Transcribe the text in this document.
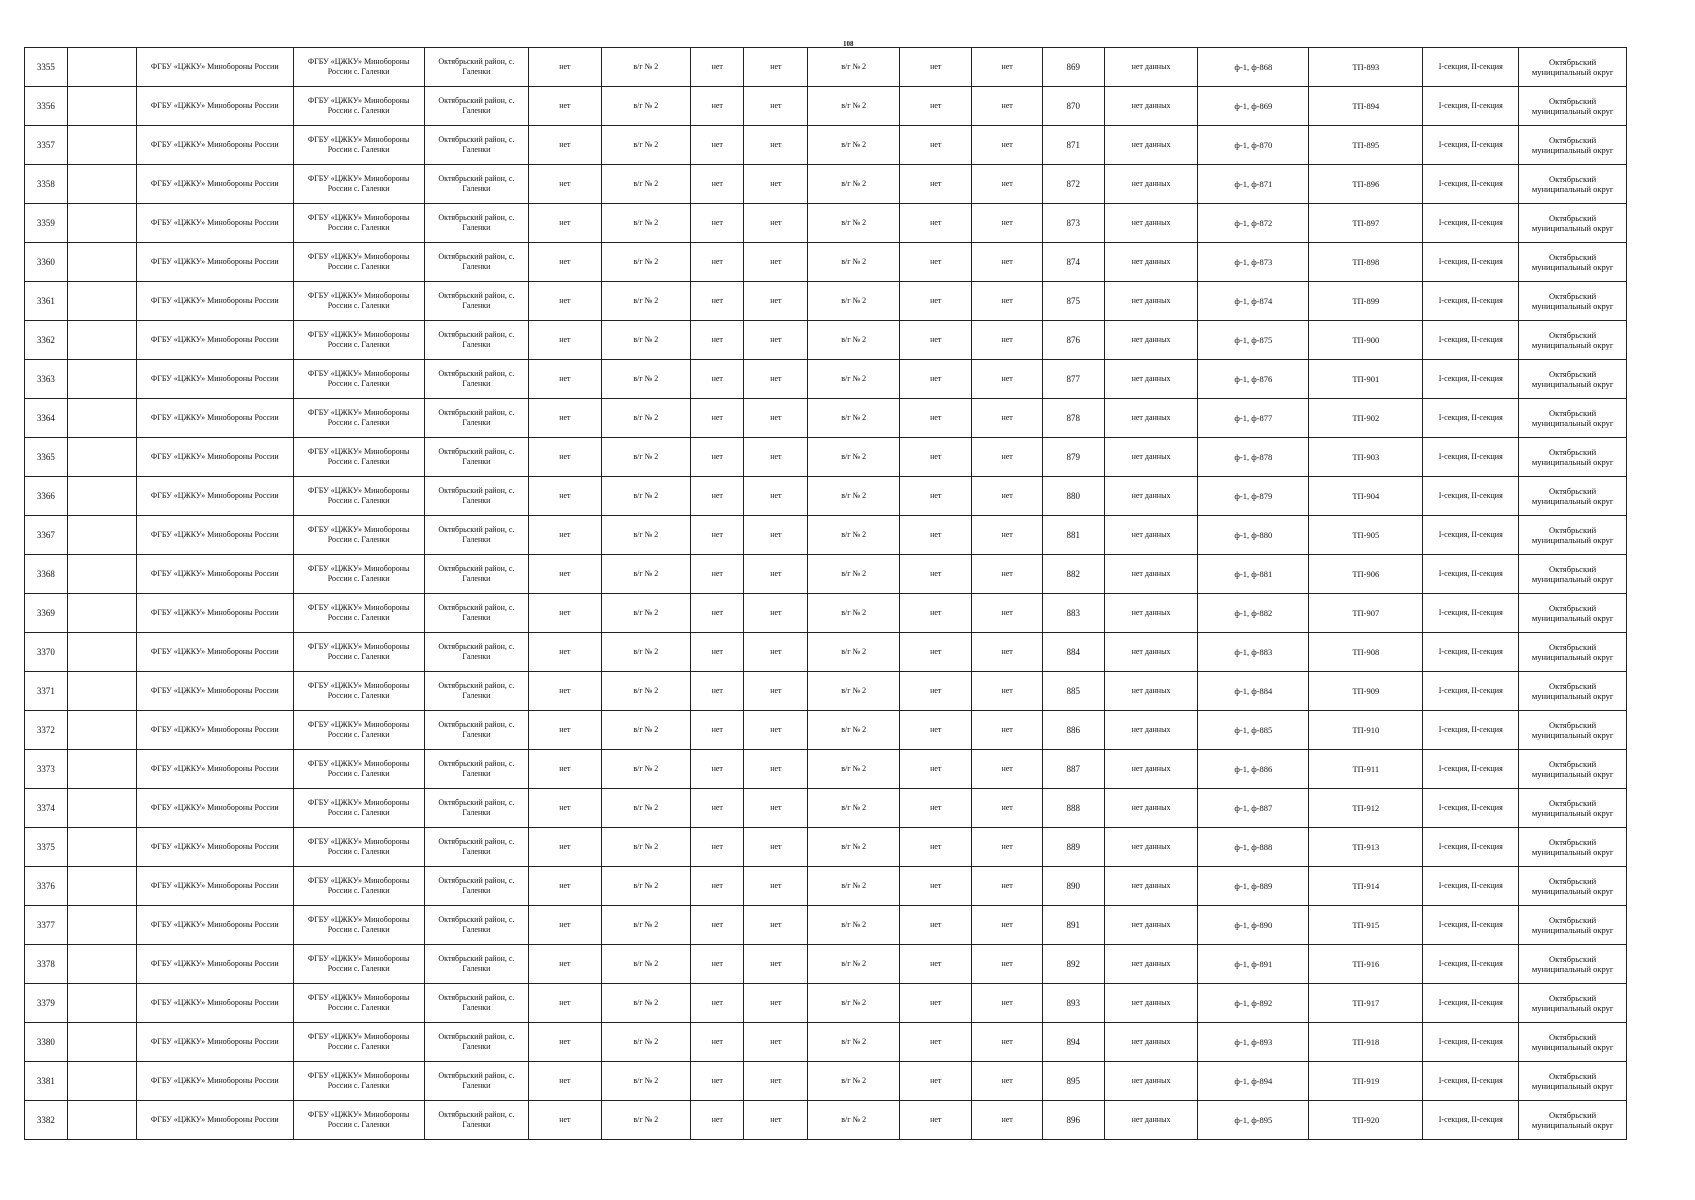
108
3355		ФГБУ «ЦЖКУ» Минобороны России	ФГБУ «ЦЖКУ» Минобороны России с. Галенки	Октябрьский район, с. Галенки	нет	в/г № 2	нет	нет	в/г № 2	нет	нет	869	нет данных	ф-1, ф-868	ТП-893	I-секция, II-секция	Октябрьский муниципальный округ
3356		ФГБУ «ЦЖКУ» Минобороны России	ФГБУ «ЦЖКУ» Минобороны России с. Галенки	Октябрьский район, с. Галенки	нет	в/г № 2	нет	нет	в/г № 2	нет	нет	870	нет данных	ф-1, ф-869	ТП-894	I-секция, II-секция	Октябрьский муниципальный округ
3357		ФГБУ «ЦЖКУ» Минобороны России	ФГБУ «ЦЖКУ» Минобороны России с. Галенки	Октябрьский район, с. Галенки	нет	в/г № 2	нет	нет	в/г № 2	нет	нет	871	нет данных	ф-1, ф-870	ТП-895	I-секция, II-секция	Октябрьский муниципальный округ
3358		ФГБУ «ЦЖКУ» Минобороны России	ФГБУ «ЦЖКУ» Минобороны России с. Галенки	Октябрьский район, с. Галенки	нет	в/г № 2	нет	нет	в/г № 2	нет	нет	872	нет данных	ф-1, ф-871	ТП-896	I-секция, II-секция	Октябрьский муниципальный округ
3359		ФГБУ «ЦЖКУ» Минобороны России	ФГБУ «ЦЖКУ» Минобороны России с. Галенки	Октябрьский район, с. Галенки	нет	в/г № 2	нет	нет	в/г № 2	нет	нет	873	нет данных	ф-1, ф-872	ТП-897	I-секция, II-секция	Октябрьский муниципальный округ
3360		ФГБУ «ЦЖКУ» Минобороны России	ФГБУ «ЦЖКУ» Минобороны России с. Галенки	Октябрьский район, с. Галенки	нет	в/г № 2	нет	нет	в/г № 2	нет	нет	874	нет данных	ф-1, ф-873	ТП-898	I-секция, II-секция	Октябрьский муниципальный округ
3361		ФГБУ «ЦЖКУ» Минобороны России	ФГБУ «ЦЖКУ» Минобороны России с. Галенки	Октябрьский район, с. Галенки	нет	в/г № 2	нет	нет	в/г № 2	нет	нет	875	нет данных	ф-1, ф-874	ТП-899	I-секция, II-секция	Октябрьский муниципальный округ
3362		ФГБУ «ЦЖКУ» Минобороны России	ФГБУ «ЦЖКУ» Минобороны России с. Галенки	Октябрьский район, с. Галенки	нет	в/г № 2	нет	нет	в/г № 2	нет	нет	876	нет данных	ф-1, ф-875	ТП-900	I-секция, II-секция	Октябрьский муниципальный округ
3363		ФГБУ «ЦЖКУ» Минобороны России	ФГБУ «ЦЖКУ» Минобороны России с. Галенки	Октябрьский район, с. Галенки	нет	в/г № 2	нет	нет	в/г № 2	нет	нет	877	нет данных	ф-1, ф-876	ТП-901	I-секция, II-секция	Октябрьский муниципальный округ
3364		ФГБУ «ЦЖКУ» Минобороны России	ФГБУ «ЦЖКУ» Минобороны России с. Галенки	Октябрьский район, с. Галенки	нет	в/г № 2	нет	нет	в/г № 2	нет	нет	878	нет данных	ф-1, ф-877	ТП-902	I-секция, II-секция	Октябрьский муниципальный округ
3365		ФГБУ «ЦЖКУ» Минобороны России	ФГБУ «ЦЖКУ» Минобороны России с. Галенки	Октябрьский район, с. Галенки	нет	в/г № 2	нет	нет	в/г № 2	нет	нет	879	нет данных	ф-1, ф-878	ТП-903	I-секция, II-секция	Октябрьский муниципальный округ
3366		ФГБУ «ЦЖКУ» Минобороны России	ФГБУ «ЦЖКУ» Минобороны России с. Галенки	Октябрьский район, с. Галенки	нет	в/г № 2	нет	нет	в/г № 2	нет	нет	880	нет данных	ф-1, ф-879	ТП-904	I-секция, II-секция	Октябрьский муниципальный округ
3367		ФГБУ «ЦЖКУ» Минобороны России	ФГБУ «ЦЖКУ» Минобороны России с. Галенки	Октябрьский район, с. Галенки	нет	в/г № 2	нет	нет	в/г № 2	нет	нет	881	нет данных	ф-1, ф-880	ТП-905	I-секция, II-секция	Октябрьский муниципальный округ
3368		ФГБУ «ЦЖКУ» Минобороны России	ФГБУ «ЦЖКУ» Минобороны России с. Галенки	Октябрьский район, с. Галенки	нет	в/г № 2	нет	нет	в/г № 2	нет	нет	882	нет данных	ф-1, ф-881	ТП-906	I-секция, II-секция	Октябрьский муниципальный округ
3369		ФГБУ «ЦЖКУ» Минобороны России	ФГБУ «ЦЖКУ» Минобороны России с. Галенки	Октябрьский район, с. Галенки	нет	в/г № 2	нет	нет	в/г № 2	нет	нет	883	нет данных	ф-1, ф-882	ТП-907	I-секция, II-секция	Октябрьский муниципальный округ
3370		ФГБУ «ЦЖКУ» Минобороны России	ФГБУ «ЦЖКУ» Минобороны России с. Галенки	Октябрьский район, с. Галенки	нет	в/г № 2	нет	нет	в/г № 2	нет	нет	884	нет данных	ф-1, ф-883	ТП-908	I-секция, II-секция	Октябрьский муниципальный округ
3371		ФГБУ «ЦЖКУ» Минобороны России	ФГБУ «ЦЖКУ» Минобороны России с. Галенки	Октябрьский район, с. Галенки	нет	в/г № 2	нет	нет	в/г № 2	нет	нет	885	нет данных	ф-1, ф-884	ТП-909	I-секция, II-секция	Октябрьский муниципальный округ
3372		ФГБУ «ЦЖКУ» Минобороны России	ФГБУ «ЦЖКУ» Минобороны России с. Галенки	Октябрьский район, с. Галенки	нет	в/г № 2	нет	нет	в/г № 2	нет	нет	886	нет данных	ф-1, ф-885	ТП-910	I-секция, II-секция	Октябрьский муниципальный округ
3373		ФГБУ «ЦЖКУ» Минобороны России	ФГБУ «ЦЖКУ» Минобороны России с. Галенки	Октябрьский район, с. Галенки	нет	в/г № 2	нет	нет	в/г № 2	нет	нет	887	нет данных	ф-1, ф-886	ТП-911	I-секция, II-секция	Октябрьский муниципальный округ
3374		ФГБУ «ЦЖКУ» Минобороны России	ФГБУ «ЦЖКУ» Минобороны России с. Галенки	Октябрьский район, с. Галенки	нет	в/г № 2	нет	нет	в/г № 2	нет	нет	888	нет данных	ф-1, ф-887	ТП-912	I-секция, II-секция	Октябрьский муниципальный округ
3375		ФГБУ «ЦЖКУ» Минобороны России	ФГБУ «ЦЖКУ» Минобороны России с. Галенки	Октябрьский район, с. Галенки	нет	в/г № 2	нет	нет	в/г № 2	нет	нет	889	нет данных	ф-1, ф-888	ТП-913	I-секция, II-секция	Октябрьский муниципальный округ
3376		ФГБУ «ЦЖКУ» Минобороны России	ФГБУ «ЦЖКУ» Минобороны России с. Галенки	Октябрьский район, с. Галенки	нет	в/г № 2	нет	нет	в/г № 2	нет	нет	890	нет данных	ф-1, ф-889	ТП-914	I-секция, II-секция	Октябрьский муниципальный округ
3377		ФГБУ «ЦЖКУ» Минобороны России	ФГБУ «ЦЖКУ» Минобороны России с. Галенки	Октябрьский район, с. Галенки	нет	в/г № 2	нет	нет	в/г № 2	нет	нет	891	нет данных	ф-1, ф-890	ТП-915	I-секция, II-секция	Октябрьский муниципальный округ
3378		ФГБУ «ЦЖКУ» Минобороны России	ФГБУ «ЦЖКУ» Минобороны России с. Галенки	Октябрьский район, с. Галенки	нет	в/г № 2	нет	нет	в/г № 2	нет	нет	892	нет данных	ф-1, ф-891	ТП-916	I-секция, II-секция	Октябрьский муниципальный округ
3379		ФГБУ «ЦЖКУ» Минобороны России	ФГБУ «ЦЖКУ» Минобороны России с. Галенки	Октябрьский район, с. Галенки	нет	в/г № 2	нет	нет	в/г № 2	нет	нет	893	нет данных	ф-1, ф-892	ТП-917	I-секция, II-секция	Октябрьский муниципальный округ
3380		ФГБУ «ЦЖКУ» Минобороны России	ФГБУ «ЦЖКУ» Минобороны России с. Галенки	Октябрьский район, с. Галенки	нет	в/г № 2	нет	нет	в/г № 2	нет	нет	894	нет данных	ф-1, ф-893	ТП-918	I-секция, II-секция	Октябрьский муниципальный округ
3381		ФГБУ «ЦЖКУ» Минобороны России	ФГБУ «ЦЖКУ» Минобороны России с. Галенки	Октябрьский район, с. Галенки	нет	в/г № 2	нет	нет	в/г № 2	нет	нет	895	нет данных	ф-1, ф-894	ТП-919	I-секция, II-секция	Октябрьский муниципальный округ
3382		ФГБУ «ЦЖКУ» Минобороны России	ФГБУ «ЦЖКУ» Минобороны России с. Галенки	Октябрьский район, с. Галенки	нет	в/г № 2	нет	нет	в/г № 2	нет	нет	896	нет данных	ф-1, ф-895	ТП-920	I-секция, II-секция	Октябрьский муниципальный округ
